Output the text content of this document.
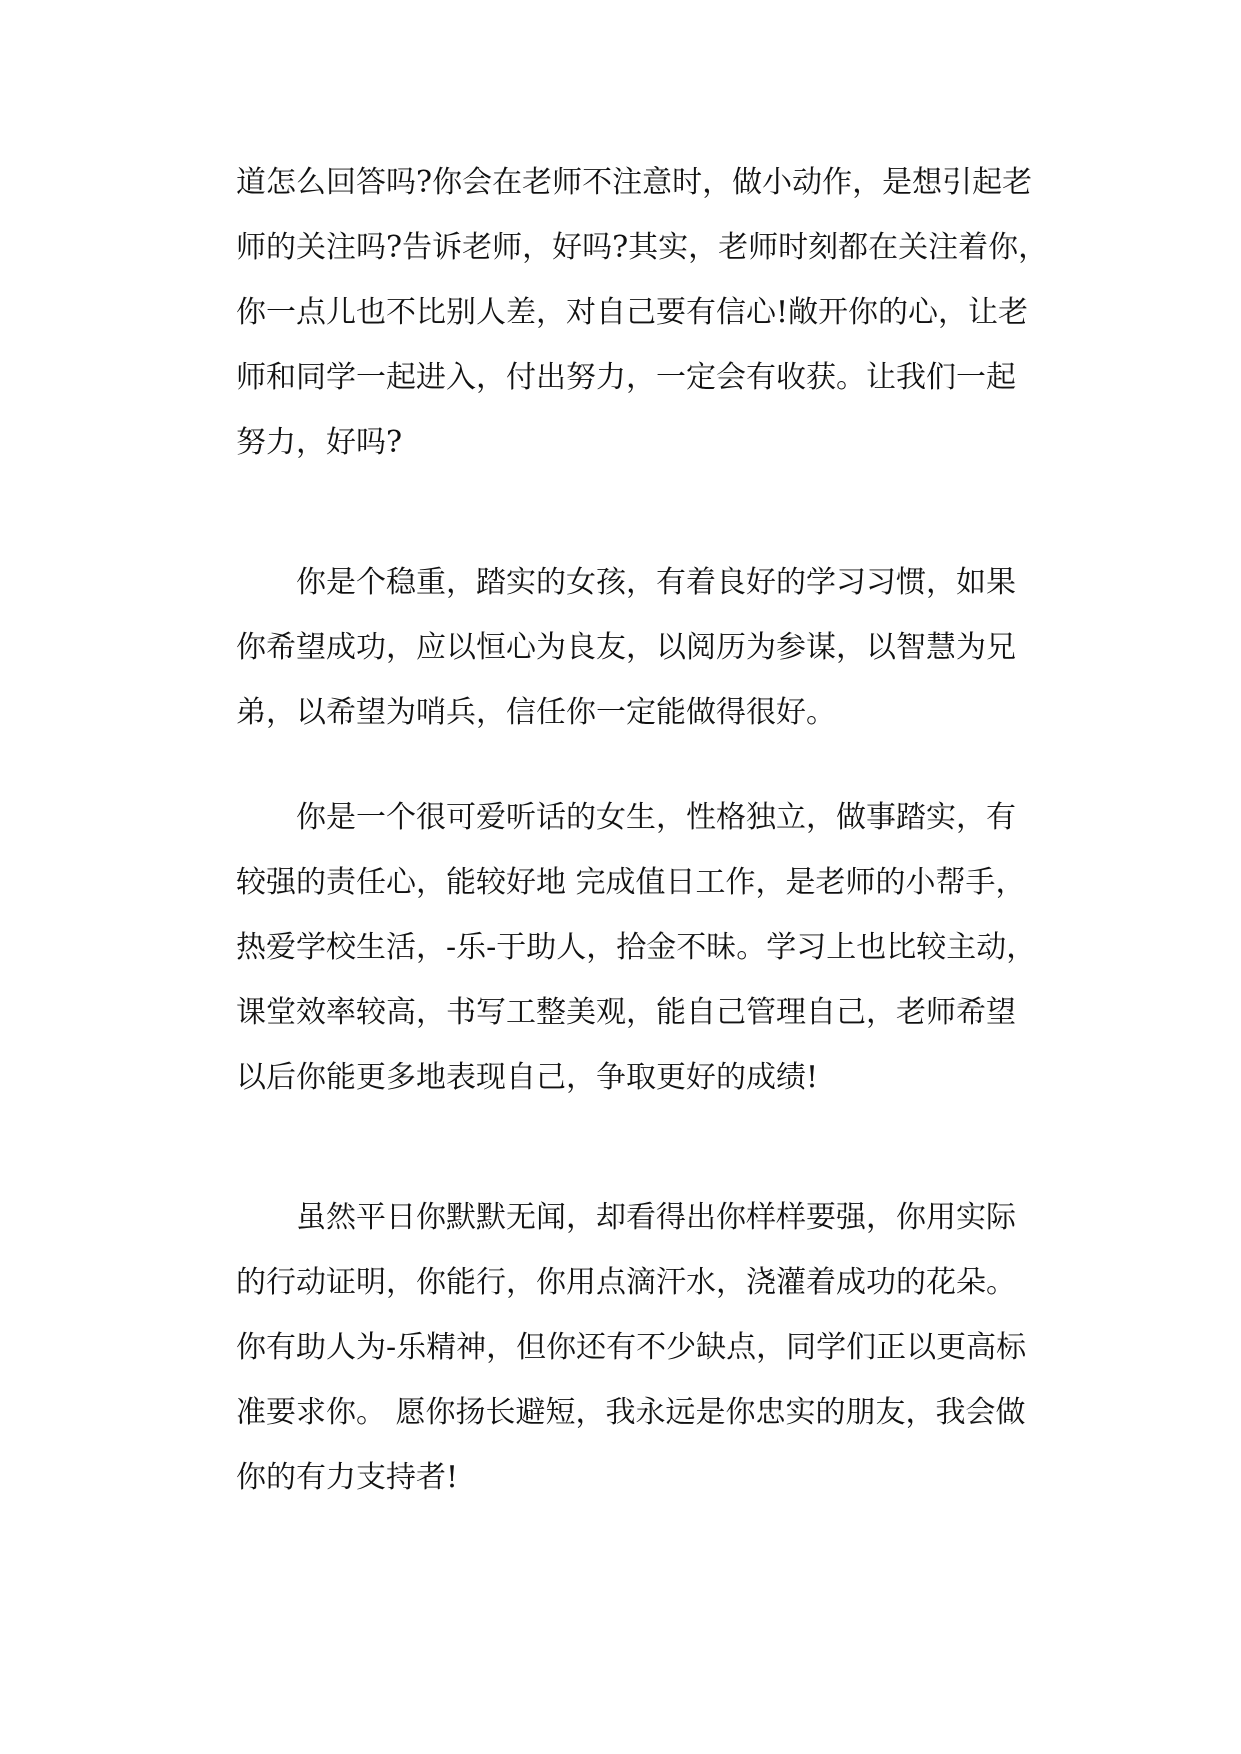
道怎么回答吗?你会在老师不注意时，做小动作，是想引起老
师的关注吗?告诉老师，好吗?其实，老师时刻都在关注着你，
你一点儿也不比别人差，对自己要有信心!敞开你的心，让老
师和同学一起进入，付出努力，一定会有收获。让我们一起
努力，好吗?
你是个稳重，踏实的女孩，有着良好的学习习惯，如果
你希望成功，应以恒心为良友，以阅历为参谋，以智慧为兄
弟，以希望为哨兵，信任你一定能做得很好。
你是一个很可爱听话的女生，性格独立，做事踏实，有
较强的责任心，能较好地 完成值日工作，是老师的小帮手，
热爱学校生活，-乐-于助人，拾金不昧。学习上也比较主动，
课堂效率较高，书写工整美观，能自己管理自己，老师希望
以后你能更多地表现自己，争取更好的成绩!
虽然平日你默默无闻，却看得出你样样要强，你用实际
的行动证明，你能行，你用点滴汗水，浇灌着成功的花朵。
你有助人为-乐精神，但你还有不少缺点，同学们正以更高标
准要求你。 愿你扬长避短，我永远是你忠实的朋友，我会做
你的有力支持者!
